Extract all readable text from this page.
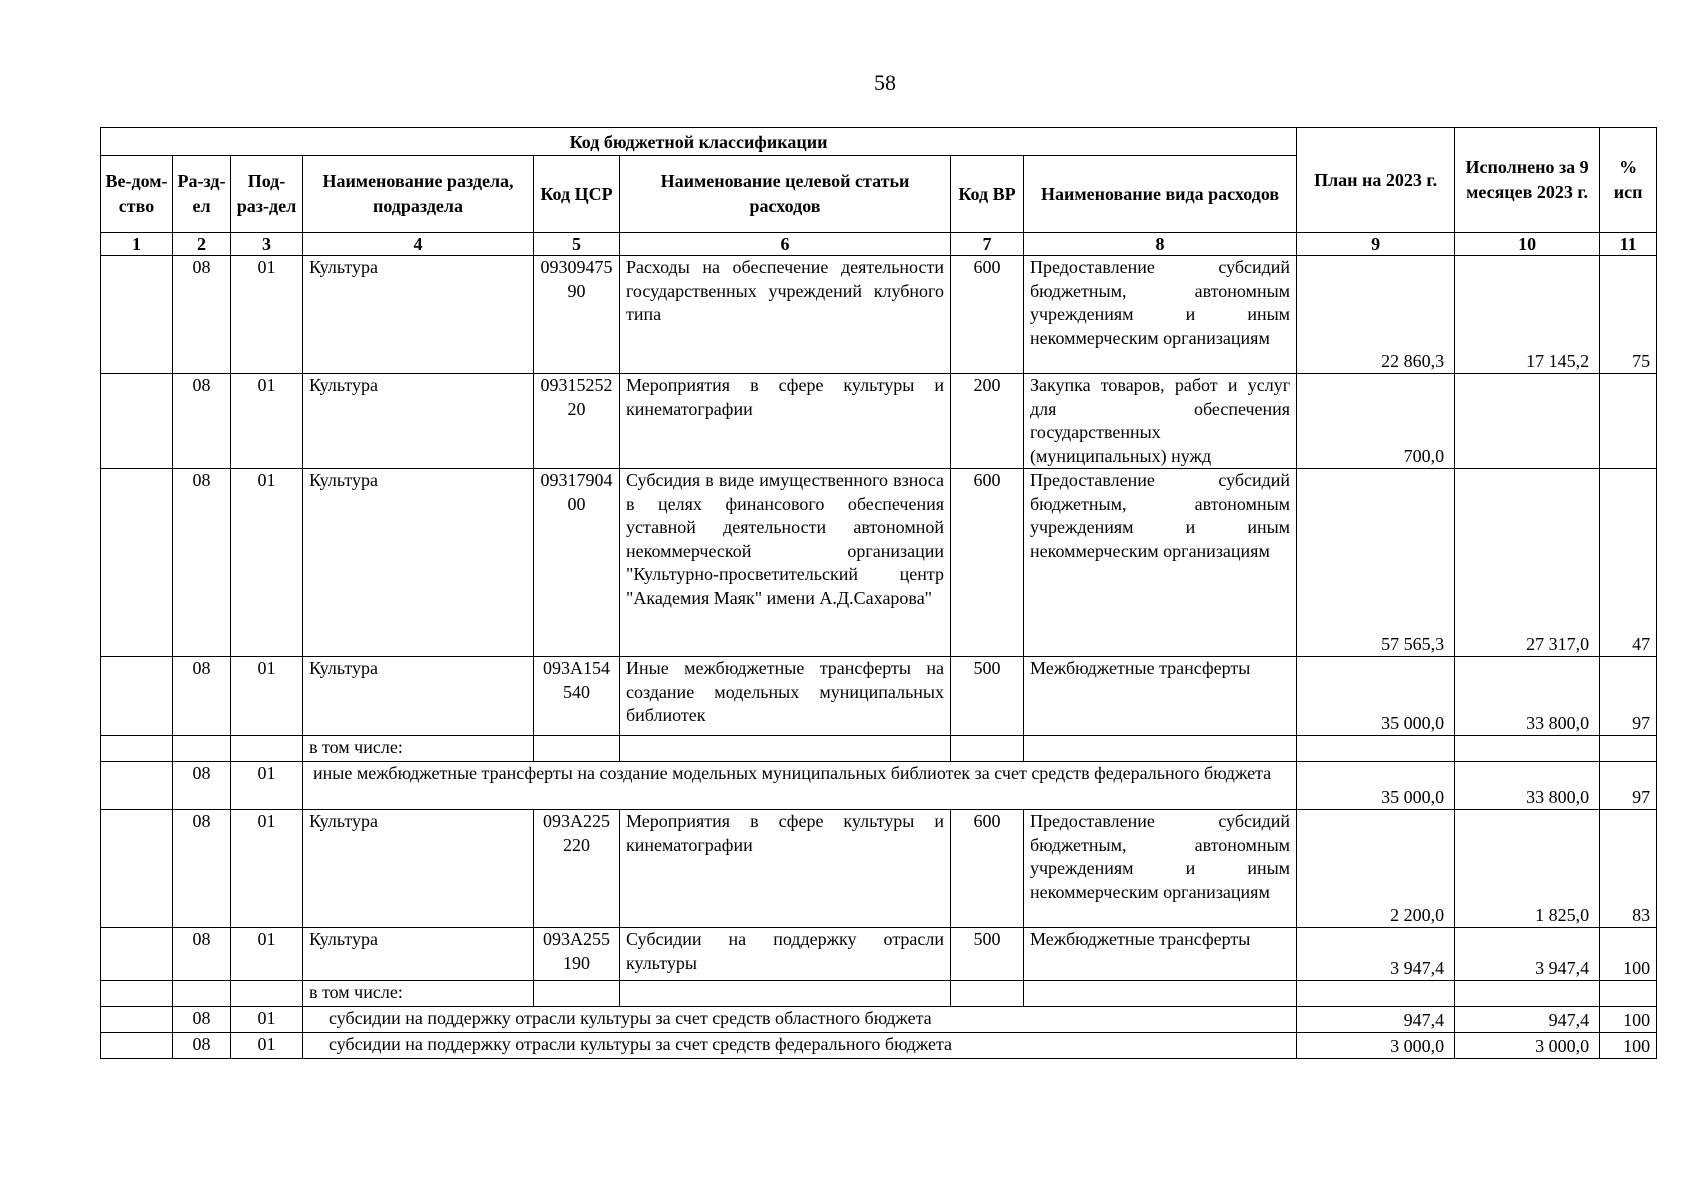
58
Код бюджетной классификации								План на 2023 г.	Исполнено за 9 месяцев 2023 г.	% исп
Ве-дом-ство	Ра-зд-ел	Под-раз-дел	Наименование раздела, подраздела	Код ЦСР	Наименование целевой статьи расходов	Код ВР	Наименование вида расходов			
1	2	3	4	5	6	7	8	9	10	11
	08	01	Культура	0930947590	Расходы на обеспечение деятельности государственных учреждений клубного типа	600	Предоставление субсидий бюджетным, автономным учреждениям и иным некоммерческим организациям	22 860,3	17 145,2	75
	08	01	Культура	0931525220	Мероприятия в сфере культуры и кинематографии	200	Закупка товаров, работ и услуг для обеспечения государственных (муниципальных) нужд	700,0		
	08	01	Культура	0931790400	Субсидия в виде имущественного взноса в целях финансового обеспечения уставной деятельности автономной некоммерческой организации "Культурно-просветительский центр "Академия Маяк" имени А.Д.Сахарова"	600	Предоставление субсидий бюджетным, автономным учреждениям и иным некоммерческим организациям	57 565,3	27 317,0	47
	08	01	Культура	093А154540	Иные межбюджетные трансферты на создание модельных муниципальных библиотек	500	Межбюджетные трансферты	35 000,0	33 800,0	97
			в том числе:							
	08	01	иные межбюджетные трансферты на создание модельных муниципальных библиотек за счет средств федерального бюджета					35 000,0	33 800,0	97
	08	01	Культура	093А225220	Мероприятия в сфере культуры и кинематографии	600	Предоставление субсидий бюджетным, автономным учреждениям и иным некоммерческим организациям	2 200,0	1 825,0	83
	08	01	Культура	093А255190	Субсидии на поддержку отрасли культуры	500	Межбюджетные трансферты	3 947,4	3 947,4	100
			в том числе:							
	08	01	субсидии на поддержку отрасли культуры за счет средств областного бюджета					947,4	947,4	100
	08	01	субсидии на поддержку отрасли культуры за счет средств федерального бюджета					3 000,0	3 000,0	100
